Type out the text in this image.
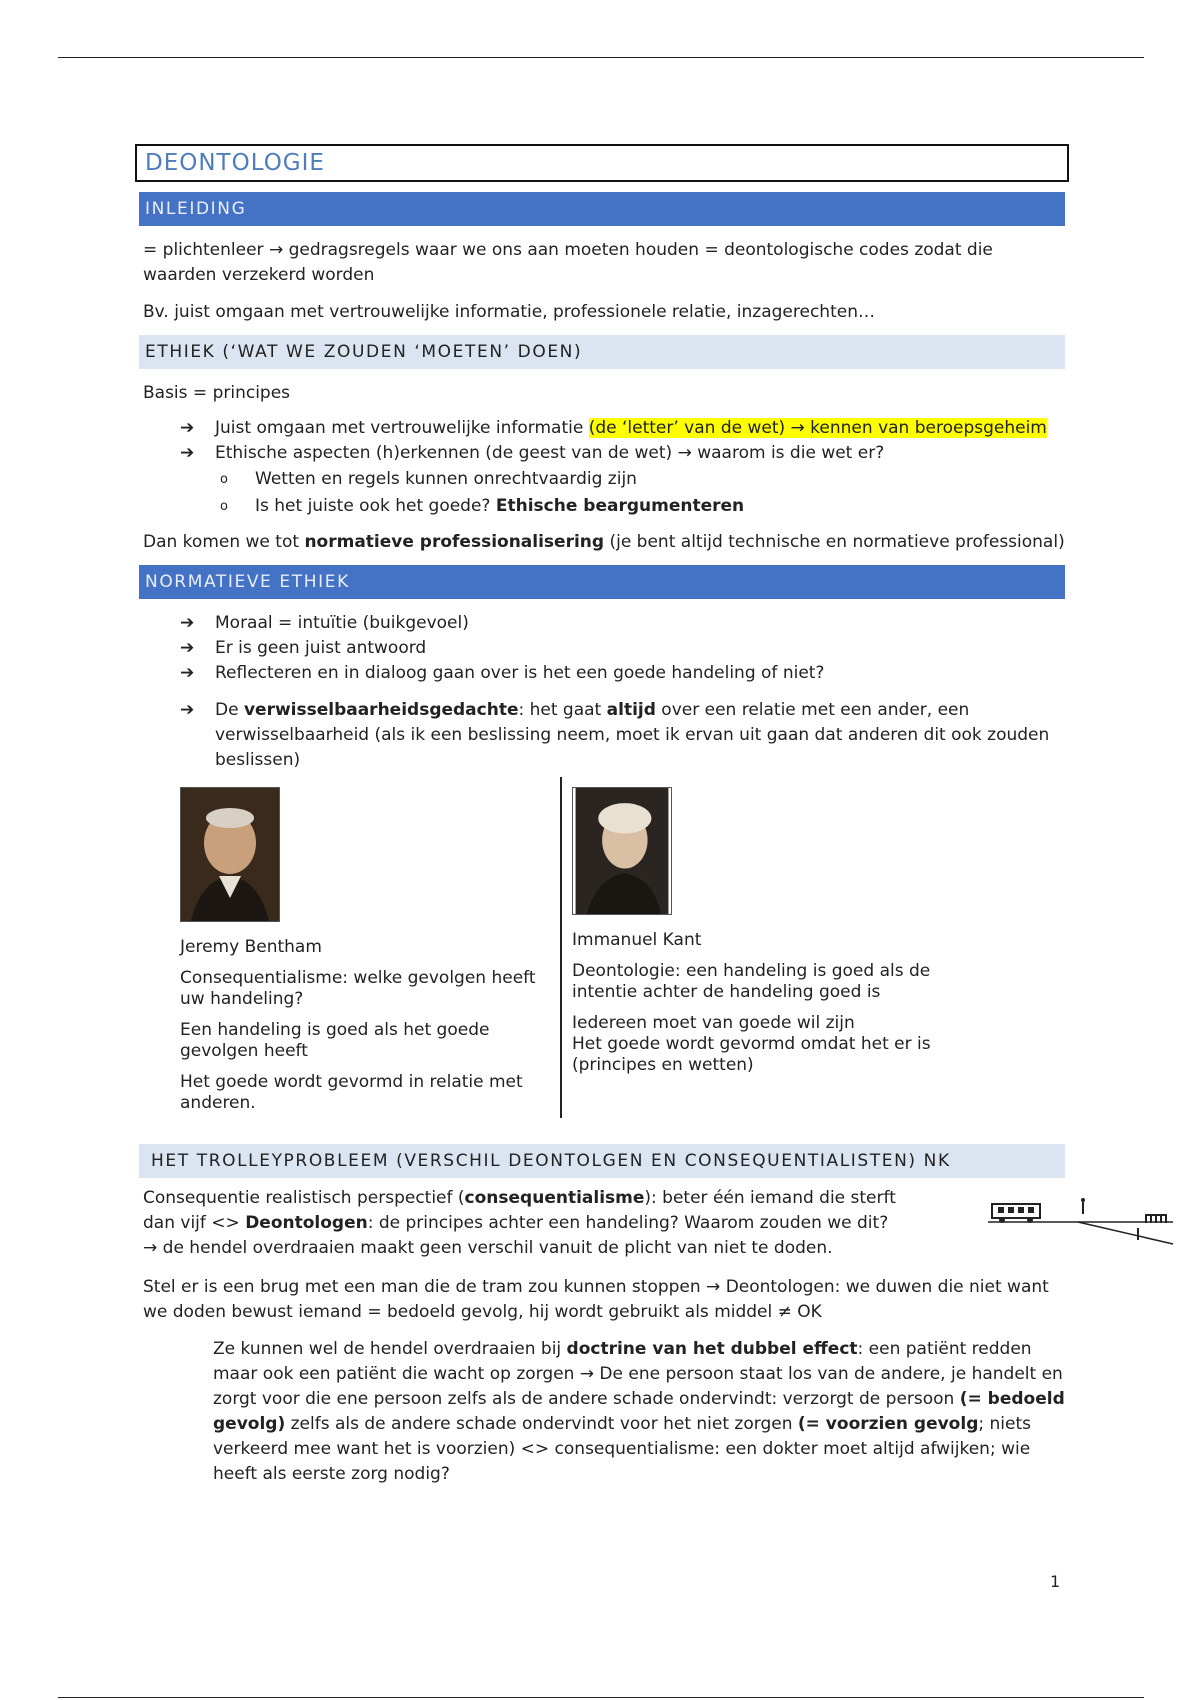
DEONTOLOGIE
INLEIDING

= plichtenleer → gedragsregels waar we ons aan moeten houden = deontologische codes zodat die waarden verzekerd worden

Bv. juist omgaan met vertrouwelijke informatie, professionele relatie, inzagerechten…

ETHIEK (‘WAT WE ZOUDEN ‘MOETEN’ DOEN)

Basis = principes

➔	Juist omgaan met vertrouwelijke informatie (de ‘letter’ van de wet) → kennen van beroepsgeheim
➔	Ethische aspecten (h)erkennen (de geest van de wet) → waarom is die wet er?
o	Wetten en regels kunnen onrechtvaardig zijn
o	Is het juiste ook het goede? Ethische beargumenteren

Dan komen we tot normatieve professionalisering (je bent altijd technische en normatieve professional)

NORMATIEVE ETHIEK
➔	Moraal = intuïtie (buikgevoel)
➔	Er is geen juist antwoord
➔	Reflecteren en in dialoog gaan over is het een goede handeling of niet?
➔	De verwisselbaarheidsgedachte: het gaat altijd over een relatie met een ander, een verwisselbaarheid (als ik een beslissing neem, moet ik ervan uit gaan dat anderen dit ook zouden beslissen)
Jeremy Bentham
Consequentialisme: welke gevolgen heeft uw handeling?
Een handeling is goed als het goede gevolgen heeft
Het goede wordt gevormd in relatie met anderen.
Immanuel Kant
Deontologie: een handeling is goed als de intentie achter de handeling goed is
Iedereen moet van goede wil zijn
Het goede wordt gevormd omdat het er is (principes en wetten)
HET TROLLEYPROBLEEM (VERSCHIL DEONTOLGEN EN CONSEQUENTIALISTEN) NK

Consequentie realistisch perspectief (consequentialisme): beter één iemand die sterft dan vijf <> Deontologen: de principes achter een handeling? Waarom zouden we dit?
→ de hendel overdraaien maakt geen verschil vanuit de plicht van niet te doden.

Stel er is een brug met een man die de tram zou kunnen stoppen → Deontologen: we duwen die niet want we doden bewust iemand = bedoeld gevolg, hij wordt gebruikt als middel ≠ OK

Ze kunnen wel de hendel overdraaien bij doctrine van het dubbel effect: een patiënt redden maar ook een patiënt die wacht op zorgen → De ene persoon staat los van de andere, je handelt en zorgt voor die ene persoon zelfs als de andere schade ondervindt: verzorgt de persoon (= bedoeld gevolg) zelfs als de andere schade ondervindt voor het niet zorgen (= voorzien gevolg; niets verkeerd mee want het is voorzien) <> consequentialisme: een dokter moet altijd afwijken; wie heeft als eerste zorg nodig?
1
